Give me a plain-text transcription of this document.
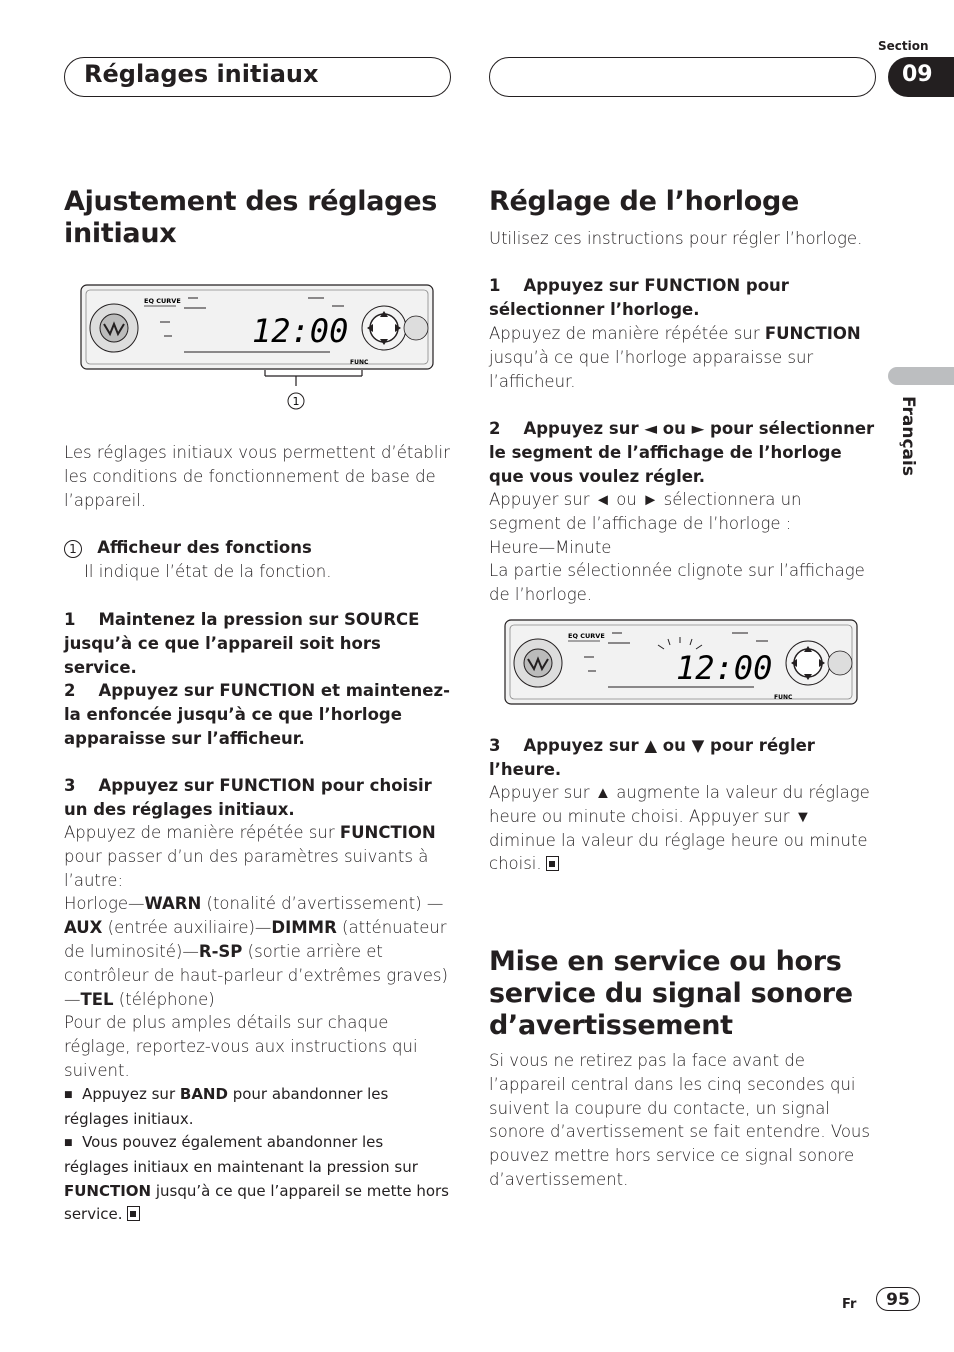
Réglages initiaux
Section
09
Français
Ajustement des réglages initiaux
EQ CURVE
12:00
FUNC
1
Les réglages initiaux vous permettent d’établir les conditions de fonctionnement de base de l’appareil.
1 Afficheur des fonctions
Il indique l’état de la fonction.
1    Maintenez la pression sur SOURCE jusqu’à ce que l’appareil soit hors service.
2    Appuyez sur FUNCTION et maintenez-la enfoncée jusqu’à ce que l’horloge apparaisse sur l’afficheur.
3    Appuyez sur FUNCTION pour choisir un des réglages initiaux.
Appuyez de manière répétée sur FUNCTION pour passer d’un des paramètres suivants à l’autre:
Horloge—WARN (tonalité d’avertissement) —AUX (entrée auxiliaire)—DIMMR (atténuateur de luminosité)—R-SP (sortie arrière et contrôleur de haut-parleur d’extrêmes graves) —TEL (téléphone)
Pour de plus amples détails sur chaque réglage, reportez-vous aux instructions qui suivent.
■ Appuyez sur BAND pour abandonner les réglages initiaux.
■ Vous pouvez également abandonner les réglages initiaux en maintenant la pression sur FUNCTION jusqu’à ce que l’appareil se mette hors service.
Réglage de l’horloge
Utilisez ces instructions pour régler l’horloge.
1    Appuyez sur FUNCTION pour sélectionner l’horloge.
Appuyez de manière répétée sur FUNCTION jusqu’à ce que l’horloge apparaisse sur l’afficheur.
2    Appuyez sur ◄ ou ► pour sélectionner le segment de l’affichage de l’horloge que vous voulez régler.
Appuyer sur ◄ ou ► sélectionnera un segment de l’affichage de l’horloge :
Heure—Minute
La partie sélectionnée clignote sur l’affichage de l’horloge.
EQ CURVE
12:00
FUNC
3    Appuyez sur ▲ ou ▼ pour régler l’heure.
Appuyer sur ▲ augmente la valeur du réglage heure ou minute choisi. Appuyer sur ▼ diminue la valeur du réglage heure ou minute choisi.
Mise en service ou hors service du signal sonore d’avertissement
Si vous ne retirez pas la face avant de l’appareil central dans les cinq secondes qui suivent la coupure du contacte, un signal sonore d’avertissement se fait entendre. Vous pouvez mettre hors service ce signal sonore d’avertissement.
Fr	95
